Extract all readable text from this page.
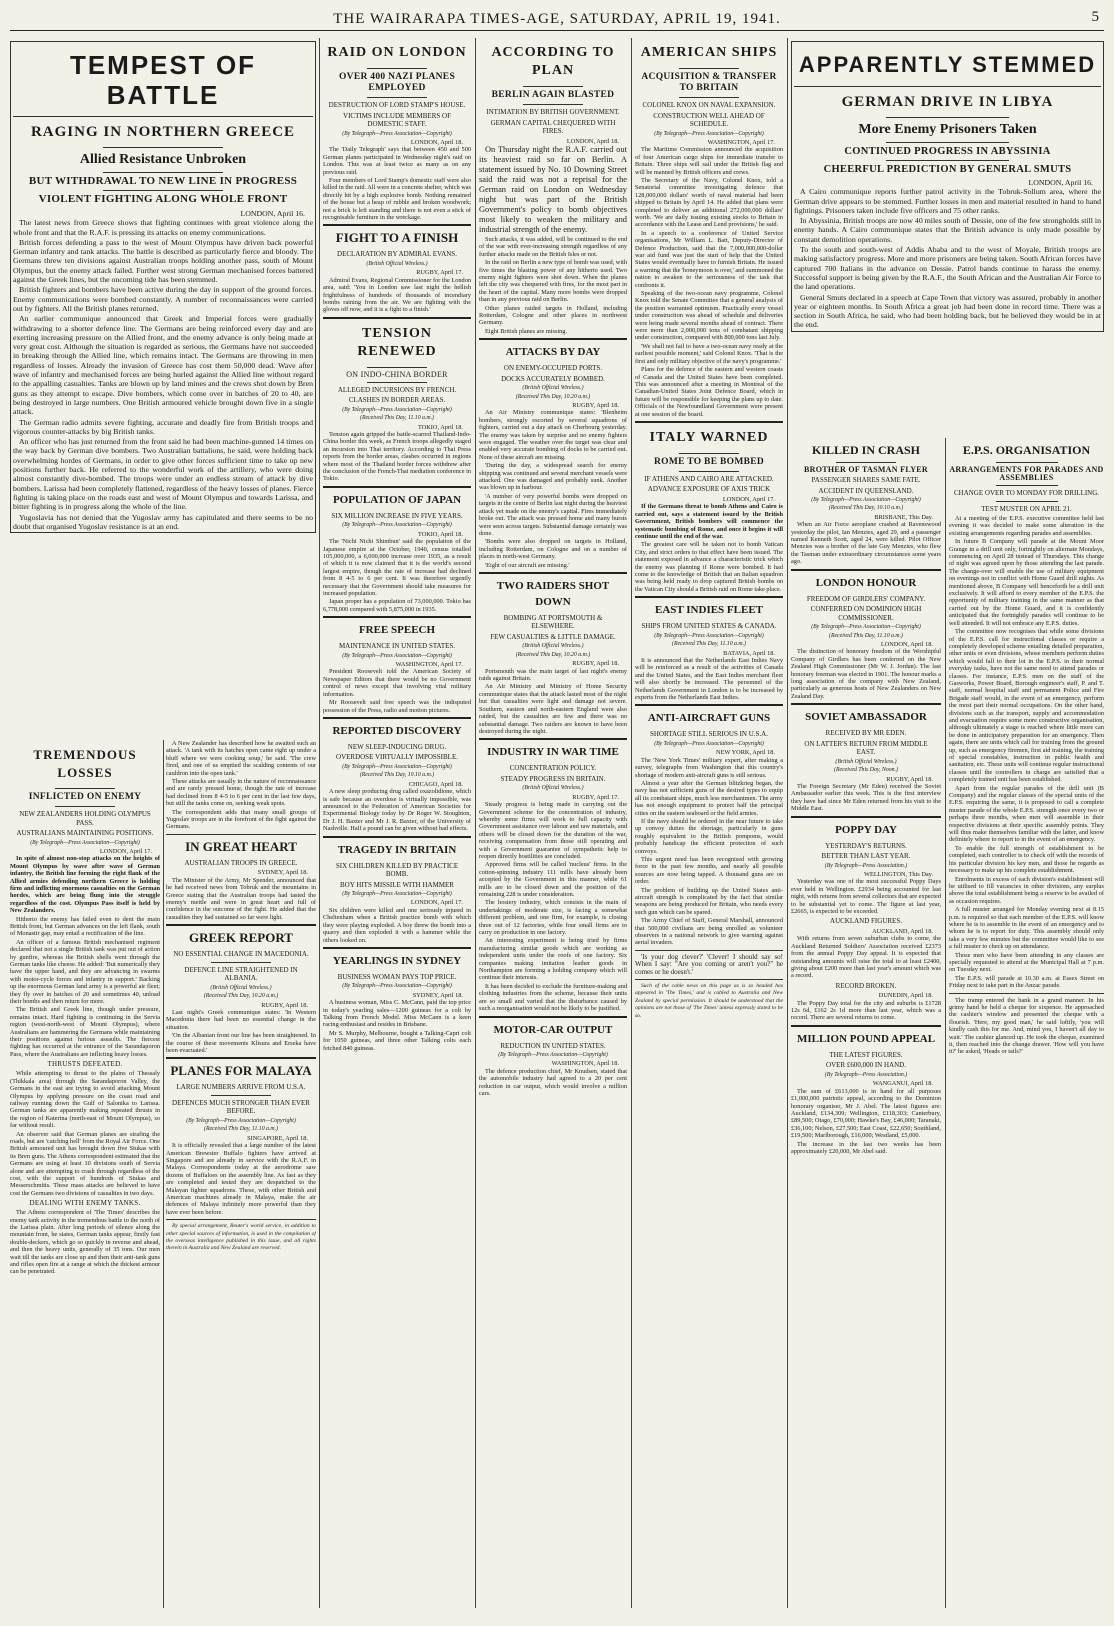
THE WAIRARAPA TIMES-AGE, SATURDAY, APRIL 19, 1941.	5
TEMPEST OF BATTLE
RAGING IN NORTHERN GREECE
Allied Resistance Unbroken
BUT WITHDRAWAL TO NEW LINE IN PROGRESS
VIOLENT FIGHTING ALONG WHOLE FRONT

LONDON, April 16.

The latest news from Greece shows that fighting continues with great violence along the whole front and that the R.A.F. is pressing its attacks on enemy communications.

British forces defending a pass to the west of Mount Olympus have driven back powerful German infantry and tank attacks. The battle is described as particularly fierce and bloody. The Germans threw ten divisions against Australian troops holding another pass, south of Mount Olympus, but the enemy attack failed. Further west strong German mechanised forces battered against the Greek lines, but the oncoming tide has been stemmed.

British fighters and bombers have been active during the day in support of the ground forces. Enemy communications were bombed constantly. A number of reconnaissances were carried out by fighters. All the British planes returned.

An earlier communique announced that Greek and Imperial forces were gradually withdrawing to a shorter defence line. The Germans are being reinforced every day and are exerting increasing pressure on the Allied front, and the enemy advance is only being made at very great cost. Although the situation is regarded as serious, the Germans have not succeeded in breaking through the Allied line, which remains intact. The Germans are throwing in men regardless of losses. Already the invasion of Greece has cost them 50,000 dead. Wave after wave of infantry and mechanised forces are being hurled against the Allied line without regard to the appalling casualties. Tanks are blown up by land mines and the crews shot down by Bren guns as they attempt to escape. Dive bombers, which come over in batches of 20 to 40, are being destroyed in large numbers. One British armoured vehicle brought down five in a single attack.

The German radio admits severe fighting, accurate and deadly fire from British troops and vigorous counter-attacks by big British tanks.

An officer who has just returned from the front said he had been machine-gunned 14 times on the way back by German dive bombers. Two Australian battalions, he said, were holding back overwhelming hordes of Germans, in order to give other forces sufficient time to take up new positions further back. He referred to the wonderful work of the artillery, who were doing almost constantly dive-bombed. The troops were under an endless stream of attack by dive bombers. Larissa had been completely flattened, regardless of the heavy losses of planes. Fierce fighting is taking place on the roads east and west of Mount Olympus and towards Larissa, and bitter fighting is in progress along the whole of the line.

Yugoslavia has not denied that the Yugoslav army has capitulated and there seems to be no doubt that organised Yugoslav resistance is at an end.

TREMENDOUS LOSSES
INFLICTED ON ENEMY
NEW ZEALANDERS HOLDING OLYMPUS PASS.
AUSTRALIANS MAINTAINING POSITIONS.
(By Telegraph—Press Association—Copyright)

LONDON, April 17.

In spite of almost non-stop attacks on the heights of Mount Olympus by wave after wave of German infantry, the British line forming the right flank of the Allied armies defending northern Greece is holding firm and inflicting enormous casualties on the German hordes, which are being flung into the struggle regardless of the cost. Olympus Pass itself is held by New Zealanders.

Hitherto the enemy has failed even to dent the main British front, but German advances on the left flank, south of Monastir gap, may entail a rectification of the line.

An officer of a famous British mechanised regiment declared that not a single British tank was put out of action by gunfire, whereas the British shells went through the German tanks like cheese. He added: 'But numerically they have the upper hand, and they are advancing in swarms with motor-cycle forces and infantry in support.' Backing up the enormous German land army is a powerful air fleet; they fly over in batches of 20 and sometimes 40, unload their bombs and then return for more.

The British and Greek line, though under pressure, remains intact. Hard fighting is continuing in the Servia region (west-north-west of Mount Olympus), where Australians are hammering the Germans while maintaining their positions against furious assaults. The fiercest fighting has occurred at the entrance of the Sarandaporon Pass, where the Australians are inflicting heavy losses.

THRUSTS DEFEATED.

While attempting to thrust to the plains of Thessaly (Thikkala area) through the Sarandaporon Valley, the Germans in the east are trying to avoid attacking Mount Olympus by applying pressure on the coast road and railway running down the Gulf of Salonika to Larissa. German tanks are apparently making repeated thrusts in the region of Katerina (north-east of Mount Olympus), so far without result.

An observer said that German planes are strafing the roads, but are 'catching hell' from the Royal Air Force. One British armoured unit has brought down five Stukas with its Bren guns. The Athens correspondent estimated that the Germans are using at least 10 divisions south of Servia alone and are attempting to crash through regardless of the cost, with the support of hundreds of Stukas and Messerschmitts. These mass attacks are believed to have cost the Germans two divisions of casualties in two days.

DEALING WITH ENEMY TANKS.

The Athens correspondent of 'The Times' describes the enemy tank activity in the tremendous battle to the north of the Larissa plain. After long periods of silence along the mountain front, he states, German tanks appear, firstly fast double-deckers, which go so quickly in reverse and ahead, and then the heavy units, generally of 35 tons. Our men wait till the tanks are close up and then their anti-tank guns and rifles open fire at a range at which the thickest armour can be penetrated.

A New Zealander has described how he awaited such an attack. 'A tank with its hatches open came right up under a bluff where we were cooking soup,' he said. 'The crew fired, and one of us emptied the scalding contents of our cauldron into the open tank.'

These attacks are usually in the nature of reconnaissance and are rarely pressed home, though the rate of increase had declined from 8 4-5 to 6 per cent in the last few days, but still the tanks come on, seeking weak spots.

The correspondent adds that many small groups of Yugoslav troops are in the forefront of the fight against the Germans.

IN GREAT HEART
AUSTRALIAN TROOPS IN GREECE.

SYDNEY, April 18.

The Minister of the Army, Mr Spender, announced that he had received news from Tobruk and the mountains in Greece stating that the Australian troops had tasted the enemy's mettle and were in great heart and full of confidence in the outcome of the fight. He added that the casualties they had sustained so far were light.

GREEK REPORT
NO ESSENTIAL CHANGE IN MACEDONIA.
DEFENCE LINE STRAIGHTENED IN ALBANIA.
(British Official Wireless.)
(Received This Day, 10.20 a.m.)

RUGBY, April 18.

Last night's Greek communique states: 'In Western Macedonia there had been no essential change in the situation.

'On the Albanian front our line has been straightened. In the course of these movements Klisura and Ersekа have been evacuated.'

PLANES FOR MALAYA
LARGE NUMBERS ARRIVE FROM U.S.A.
DEFENCES MUCH STRONGER THAN EVER BEFORE.
(By Telegraph—Press Association—Copyright)
(Received This Day, 11.10 a.m.)

SINGAPORE, April 18.

It is officially revealed that a large number of the latest American Brewster Buffalo fighters have arrived at Singapore and are already in service with the R.A.F. in Malaya. Correspondents today at the aerodrome saw dozens of Buffaloes on the assembly line. As fast as they are completed and tested they are despatched to the Malayan fighter squadrons. These, with other British and American machines already in Malaya, make the air defences of Malaya infinitely more powerful than they have ever been before.

By special arrangement, Reuter's world service, in addition to other special sources of information, is used in the compilation of the overseas intelligence published in this issue, and all rights therein in Australia and New Zealand are reserved.

RAID ON LONDON
OVER 400 NAZI PLANES EMPLOYED
DESTRUCTION OF LORD STAMP'S HOUSE.
VICTIMS INCLUDE MEMBERS OF DOMESTIC STAFF.
(By Telegraph—Press Association—Copyright)

LONDON, April 18.

The 'Daily Telegraph' says that between 450 and 500 German planes participated in Wednesday night's raid on London. This was at least twice as many as on any previous raid.

Four members of Lord Stamp's domestic staff were also killed in the raid. All were in a concrete shelter, which was directly hit by a high explosive bomb. Nothing remained of the house but a heap of rubble and broken woodwork; not a brick is left standing and there is not even a stick of recognisable furniture in the wreckage.

FIGHT TO A FINISH
DECLARATION BY ADMIRAL EVANS.
(British Official Wireless.)

RUGBY, April 17.

Admiral Evans, Regional Commissioner for the London area, said: 'You in London saw last night the hellish frightfulness of hundreds of thousands of incendiary bombs raining from the air. We are fighting with the gloves off now, and it is a fight to a finish.'

TENSION RENEWED
ON INDO-CHINA BORDER
ALLEGED INCURSIONS BY FRENCH.
CLASHES IN BORDER AREAS.
(By Telegraph—Press Association—Copyright)
(Received This Day, 11.10 a.m.)

TOKIO, April 18.

Tension again gripped the battle-scarred Thailand-Indo-China border this week, as French troops allegedly staged an incursion into Thai territory. According to Thai Press reports from the border areas, clashes occurred in regions where most of the Thailand border forces withdrew after the conclusion of the French-Thai mediation conference in Tokio.

POPULATION OF JAPAN
SIX MILLION INCREASE IN FIVE YEARS.
(By Telegraph—Press Association—Copyright)

TOKIO, April 18.

The 'Nichi Nichi Shimbun' said the population of the Japanese empire at the October, 1940, census totalled 105,000,000, a 6,000,000 increase over 1935, as a result of which it is now claimed that it is the world's second largest empire, though the rate of increase had declined from 8 4-5 to 6 per cent. It was therefore urgently necessary that the Government should take measures for increased population.

Japan proper has a population of 73,000,000. Tokio has 6,778,000 compared with 5,875,000 in 1935.

FREE SPEECH
MAINTENANCE IN UNITED STATES.
(By Telegraph—Press Association—Copyright)

WASHINGTON, April 17.

President Roosevelt told the American Society of Newspaper Editors that there would be no Government control of news except that involving vital military information.

Mr Roosevelt said free speech was the indisputed possession of the Press, radio and motion pictures.

REPORTED DISCOVERY
NEW SLEEP-INDUCING DRUG.
OVERDOSE VIRTUALLY IMPOSSIBLE.
(By Telegraph—Press Association—Copyright)
(Received This Day, 10.10 a.m.)

CHICAGO, April 18.

A new sleep producing drug called oxazolidione, which is safe because an overdose is virtually impossible, was announced to the Federation of American Societies for Experimental Biology today by Dr Roger W. Stoughton, Dr J. H. Baxter and Mr J. R. Baxter, of the University of Nashville. Half a pound can be given without bad effects.

TRAGEDY IN BRITAIN
SIX CHILDREN KILLED BY PRACTICE BOMB.
BOY HITS MISSILE WITH HAMMER
(By Telegraph—Press Association—Copyright)

LONDON, April 17.

Six children were killed and one seriously injured in Cheltenham when a British practice bomb with which they were playing exploded. A boy threw the bomb into a quarry and then exploded it with a hammer while the others looked on.

YEARLINGS IN SYDNEY
BUSINESS WOMAN PAYS TOP PRICE.
(By Telegraph—Press Association—Copyright)

SYDNEY, April 18.

A business woman, Miss C. McCann, paid the top price in today's yearling sales—1200 guineas for a colt by Talking from French Model. Miss McCann is a keen racing enthusiast and resides in Brisbane.

Mr S. Murphy, Melbourne, bought a Talking-Capri colt for 1050 guineas, and three other Talking colts each fetched 840 guineas.

ACCORDING TO PLAN
BERLIN AGAIN BLASTED
INTIMATION BY BRITISH GOVERNMENT.
GERMAN CAPITAL CHEQUERED WITH FIRES.

LONDON, April 18.

On Thursday night the R.A.F. carried out its heaviest raid so far on Berlin. A statement issued by No. 10 Downing Street said the raid was not a reprisal for the German raid on London on Wednesday night but was part of the British Government's policy to bomb objectives most likely to weaken the military and industrial strength of the enemy.

Such attacks, it was added, will be continued to the end of the war with ever-increasing strength regardless of any further attacks made on the British Isles or not.

In the raid on Berlin a new type of bomb was used, with five times the blasting power of any hitherto used. Two enemy night fighters were shot down. When the planes left the city was chequered with fires, for the most part in the heart of the capital. Many more bombs were dropped than in any previous raid on Berlin.

Other planes raided targets in Holland, including Rotterdam, Cologne and other places in northwest Germany.

Eight British planes are missing.

ATTACKS BY DAY
ON ENEMY-OCCUPIED PORTS.
DOCKS ACCURATELY BOMBED.
(British Official Wireless.)
(Received This Day, 10.20 a.m.)

RUGBY, April 18.

An Air Ministry communique states: 'Blenheim bombers, strongly escorted by several squadrons of fighters, carried out a day attack on Cherbourg yesterday. The enemy was taken by surprise and no enemy fighters were engaged. The weather over the target was clear and enabled very accurate bombing of docks to be carried out. None of these aircraft are missing.

'During the day, a widespread search for enemy shipping was continued and several merchant vessels were attacked. One was damaged and probably sunk. Another was blown up in harbour.

'A number of very powerful bombs were dropped on targets in the centre of Berlin last night during the heaviest attack yet made on the enemy's capital. Fires immediately broke out. The attack was pressed home and many bursts were seen across targets. Substantial damage certainly was done.

'Bombs were also dropped on targets in Holland, including Rotterdam, on Cologne and on a number of places in north-west Germany.

'Eight of our aircraft are missing.'

TWO RAIDERS SHOT DOWN
BOMBING AT PORTSMOUTH & ELSEWHERE.
FEW CASUALTIES & LITTLE DAMAGE.
(British Official Wireless.)
(Received This Day, 10.20 a.m.)

RUGBY, April 18.

Portsmouth was the main target of last night's enemy raids against Britain.

An Air Ministry and Ministry of Home Security communique states that the attack lasted most of the night but that casualties were light and damage not severe. Southern, eastern and north-eastern England were also raided, but the casualties are few and there was no substantial damage. Two raiders are known to have been destroyed during the night.

INDUSTRY IN WAR TIME
CONCENTRATION POLICY.
STEADY PROGRESS IN BRITAIN.
(British Official Wireless.)

RUGBY, April 17.

Steady progress is being made in carrying out the Government scheme for the concentration of industry, whereby some firms will work to full capacity with Government assistance over labour and raw materials, and others will be closed down for the duration of the war, receiving compensation from those still operating and with a Government guarantee of sympathetic help to reopen directly hostilities are concluded.

Approved firms will be called 'nucleus' firms. In the cotton-spinning industry 111 mills have already been accepted by the Government in this manner, while 61 mills are to be closed down and the position of the remaining 228 is under consideration.

The hosiery industry, which consists in the main of undertakings of moderate size, is facing a somewhat different problem, and one firm, for example, is closing three out of 12 factories, while four small firms are to carry on production in one factory.

An interesting experiment is being tried by firms manufacturing similar goods which are working as independent units under the roofs of one factory. Six companies making imitation leather goods in Northampton are forming a holding company which will continue their interests.

It has been decided to exclude the furniture-making and clothing industries from the scheme, because their units are so small and varied that the disturbance caused by such a reorganisation would not be likely to be justified.

MOTOR-CAR OUTPUT
REDUCTION IN UNITED STATES.
(By Telegraph—Press Association—Copyright)

WASHINGTON, April 18.

The defence production chief, Mr Knudsen, stated that the automobile industry had agreed to a 20 per cent reduction in car output, which would involve a million cars.

AMERICAN SHIPS
ACQUISITION & TRANSFER TO BRITAIN
COLONEL KNOX ON NAVAL EXPANSION.
CONSTRUCTION WELL AHEAD OF SCHEDULE.
(By Telegraph—Press Association—Copyright)

WASHINGTON, April 17.

The Maritime Commission announced the acquisition of four American cargo ships for immediate transfer to Britain. Three ships will sail under the British flag and will be manned by British officers and crews.

The Secretary of the Navy, Colonel Knox, told a Senatorial committee investigating defence that 128,000,000 dollars' worth of naval material had been shipped to Britain by April 14. He added that plans were completed to deliver an additional 272,000,000 dollars' worth. 'We are daily issuing existing stocks to Britain in accordance with the Lease and Lend provisions,' he said.

In a speech to a conference of United Service organisations, Mr William L. Batt, Deputy-Director of Defence Production, said that the 7,000,000,000-dollar war aid fund was just the start of help that the United States would eventually have to furnish Britain. He issued a warning that the 'honeymoon is over,' and summoned the nation to awaken to the seriousness of the task that confronts it.

Speaking of the two-ocean navy programme, Colonel Knox told the Senate Committee that a general analysis of the position warranted optimism. Practically every vessel under construction was ahead of schedule and deliveries were being made several months ahead of contract. There were more than 2,000,000 tons of combatant shipping under construction, compared with 800,000 tons last July.

'We shall not fail to have a two-ocean navy ready at the earliest possible moment,' said Colonel Knox. 'That is the first and only military objective of the navy's programme.'

Plans for the defence of the eastern and western coasts of Canada and the United States have been completed. This was announced after a meeting in Montreal of the Canadian-United States Joint Defence Board, which in future will be responsible for keeping the plans up to date. Officials of the Newfoundland Government were present at one session of the board.

ITALY WARNED
ROME TO BE BOMBED
IF ATHENS AND CAIRO ARE ATTACKED.
ADVANCE EXPOSURE OF AXIS TRICK

LONDON, April 17.

If the Germans threat to bomb Athens and Cairo is carried out, says a statement issued by the British Government, British bombers will commence the systematic bombing of Rome, and once it begins it will continue until the end of the war.

The greatest care will be taken not to bomb Vatican City, and strict orders to that effect have been issued. The statement exposed in advance a characteristic trick which the enemy was planning if Rome were bombed. It had come to the knowledge of British that an Italian squadron was being held ready to drop captured British bombs on the Vatican City should a British raid on Rome take place.

EAST INDIES FLEET
SHIPS FROM UNITED STATES & CANADA.
(By Telegraph—Press Association—Copyright)
(Received This Day, 11.10 a.m.)

BATAVIA, April 18.

It is announced that the Netherlands East Indies Navy will be reinforced as a result of the activities of Canada and the United States, and the East Indies merchant fleet will also shortly be increased. The personnel of the Netherlands Government in London is to be increased by experts from the Netherlands East Indies.

ANTI-AIRCRAFT GUNS
SHORTAGE STILL SERIOUS IN U.S.A.
(By Telegraph—Press Association—Copyright)

NEW YORK, April 18.

The 'New York Times' military expert, after making a survey, telegraphs from Washington that this country's shortage of modern anti-aircraft guns is still serious.

Almost a year after the German blitzkrieg began, the navy has not sufficient guns of the desired types to equip all its combatant ships, much less merchantmen. The army has not enough equipment to protect half the principal cities on the eastern seaboard or the field armies.

If the navy should be ordered in the near future to take up convoy duties the shortage, particularly in guns roughly equivalent to the British pompoms, would probably handicap the efficient protection of such convoys.

This urgent need has been recognised with growing force in the past few months, and nearly all possible sources are now being tapped. A thousand guns are on order.

The problem of building up the United States anti-aircraft strength is complicated by the fact that similar weapons are being produced for Britain, who needs every such gun which can be spared.

The Army Chief of Staff, General Marshall, announced that 500,000 civilians are being enrolled as volunteer observers in a national network to give warning against aerial invaders.

'Is your dog clever?' 'Clever! I should say so! When I say: "Are you coming or aren't you?" he comes or he doesn't.'

Such of the cable news on this page as is so headed has appeared in 'The Times,' and is cabled to Australia and New Zealand by special permission. It should be understood that the opinions are not those of 'The Times' unless expressly stated to be so.

APPARENTLY STEMMED
GERMAN DRIVE IN LIBYA
More Enemy Prisoners Taken
CONTINUED PROGRESS IN ABYSSINIA
CHEERFUL PREDICTION BY GENERAL SMUTS

LONDON, April 16.

A Cairo communique reports further patrol activity in the Tobruk-Sollum area, where the German drive appears to be stemmed. Further losses in men and material resulted in hand to hand fightings. Prisoners taken include five officers and 75 other ranks.

In Abyssinia, British troops are now 40 miles south of Dessie, one of the few strongholds still in enemy hands. A Cairo communique states that the British advance is only made possible by constant demolition operations.

To the south and south-west of Addis Ababa and to the west of Moyale, British troops are making satisfactory progress. More and more prisoners are being taken. South African forces have captured 700 Italians in the advance on Dessie. Patrol bands continue to harass the enemy. Successful support is being given by the R.A.F., the South African and the Australian Air Force to the land operations.

General Smuts declared in a speech at Cape Town that victory was assured, probably in another year or eighteen months. In South Africa a great job had been done in record time. There was a section in South Africa, he said, who had been holding back, but he believed they would be in at the end.

KILLED IN CRASH
BROTHER OF TASMAN FLYER
PASSENGER SHARES SAME FATE.
ACCIDENT IN QUEENSLAND.
(By Telegraph—Press Association—Copyright)
(Received This Day, 10.10 a.m.)

BRISBANE, This Day.

When an Air Force aeroplane crashed at Ravenswood yesterday the pilot, Ian Menzies, aged 29, and a passenger named Kenneth Scott, aged 24, were killed. Pilot Officer Menzies was a brother of the late Guy Menzies, who flew the Tasman under extraordinary circumstances some years ago.

LONDON HONOUR
FREEDOM OF GIRDLERS' COMPANY.
CONFERRED ON DOMINION HIGH COMMISSIONER.
(By Telegraph—Press Association—Copyright)
(Received This Day, 11.10 a.m.)

LONDON, April 18.

The distinction of honorary freedom of the Worshipful Company of Girdlers has been conferred on the New Zealand High Commissioner (Mr W. J. Jordan). The last honorary freeman was elected in 1901. The honour marks a long association of the company with New Zealand, particularly as generous hosts of New Zealanders on New Zealand Day.

SOVIET AMBASSADOR
RECEIVED BY MR EDEN.
ON LATTER'S RETURN FROM MIDDLE EAST.
(British Official Wireless.)
(Received This Day, Noon.)

RUGBY, April 18.

The Foreign Secretary (Mr Eden) received the Soviet Ambassador earlier this week. This is the first interview they have had since Mr Eden returned from his visit to the Middle East.

POPPY DAY
YESTERDAY'S RETURNS.
BETTER THAN LAST YEAR.
(By Telegraph—Press Association.)

WELLINGTON, This Day.

Yesterday was one of the most successful Poppy Days ever held in Wellington. £2934 being accounted for last night, with returns from several collectors that are expected to be substantial yet to come. The figure at last year, £2665, is expected to be exceeded.

AUCKLAND FIGURES.

AUCKLAND, April 18.

With returns from seven suburban clubs to come, the Auckland Returned Soldiers' Association received £2373 from the annual Poppy Day appeal. It is expected that outstanding amounts will raise the total to at least £2400, giving about £200 more than last year's amount which was a record.

RECORD BROKEN.

DUNEDIN, April 18.

The Poppy Day total for the city and suburbs is £1728 12s 6d, £162 2s 1d more than last year, which was a record. There are several returns to come.

MILLION POUND APPEAL
THE LATEST FIGURES.
OVER £600,000 IN HAND.
(By Telegraph—Press Association.)

WANGANUI, April 18.

The sum of £613,000 is in hand for all purposes £1,000,000 patriotic appeal, according to the Dominion honorary organiser, Mr J. Abel. The latest figures are: Auckland, £134,309; Wellington, £118,303; Canterbury, £89,500; Otago, £70,000; Hawke's Bay, £46,000; Taranaki, £36,100; Nelson, £27,500; East Coast, £22,650; Southland, £19,500; Marlborough, £16,000; Westland, £5,000.

The increase in the last two weeks has been approximately £20,000, Mr Abel said.

E.P.S. ORGANISATION
ARRANGEMENTS FOR PARADES AND ASSEMBLIES
CHANGE OVER TO MONDAY FOR DRILLING.
TEST MUSTER ON APRIL 21.

At a meeting of the E.P.S. executive committee held last evening it was decided to make some alteration in the existing arrangements regarding parades and assemblies.

In future B Company will parade at the Mount Moor Grange in a drill unit only, fortnightly on alternate Mondays, commencing on April 28 instead of Thursdays. This change of night was agreed upon by those attending the last parade. The change-over will enable the use of military equipment on evenings not in conflict with Home Guard drill nights. As mentioned above, B Company will henceforth be a drill unit exclusively. It will afford to every member of the E.P.S. the opportunity of military training in the same manner as that carried out by the Home Guard, and it is confidently anticipated that the fortnightly parades will continue to be well attended. It will not embrace any E.P.S. duties.

The committee now recognises that while some divisions of the E.P.S. call for instructional classes or require a completely developed scheme entailing detailed preparation, other units or even divisions, whose members perform duties which would fall to their lot in the E.P.S. in their normal everyday tasks, have not the same need to attend parades or classes. For instance, E.P.S. men on the staff of the Gasworks, Power Board, Borough engineer's staff, P. and T. staff, normal hospital staff and permanent Police and Fire Brigade staff would, in the event of an emergency, perform the most part their normal occupations. On the other hand, divisions such as the transport, supply and accommodation and evacuation require some more constructive organisation, although ultimately a stage is reached where little more can be done in anticipatory preparation for an emergency. Then again, there are units which call for training from the ground up, such as emergency firemen, first aid training, the training of special constables, instruction in public health and sanitation, etc. These units will continue regular instructional classes until the controllers in charge are satisfied that a completely trained unit has been established.

Apart from the regular parades of the drill unit (B Company) and the regular classes of the special units of the E.P.S. requiring the same, it is proposed to call a complete muster parade of the whole E.P.S. strength once every two or perhaps three months, when men will assemble in their respective divisions at their specific assembly points. They will thus make themselves familiar with the latter, and know definitely where to report to in the event of an emergency.

To enable the full strength of establishment to be completed, each controller is to check off with the records of his particular division his key men, and those he regards as necessary to make up his complete establishment.

Enrolments in excess of each division's establishment will be utilised to fill vacancies in other divisions, any surplus above the total establishment being a reserve to be availed of as occasion requires.

A full muster arranged for Monday evening next at 8.15 p.m. is required so that each member of the E.P.S. will know where he is to assemble in the event of an emergency and to whom he is to report for duty. This assembly should only take a very few minutes but the committee would like to see a full muster to check up on attendance.

Those men who have been attending in any classes are specially requested to attend at the Municipal Hall at 7 p.m. on Tuesday next.

The E.P.S. will parade at 10.30 a.m. at Essex Street on Friday next to take part in the Anzac parade.

The tramp entered the bank in a grand manner. In his grimy hand he held a cheque for sixpence. He approached the cashier's window and presented the cheque with a flourish. 'Here, my good man,' he said loftily, 'you will kindly cash this for me. And, mind you, I haven't all day to wait.' The cashier glanced up. He took the cheque, examined it, then reached into the change drawer. 'How will you have it?' he asked, 'Heads or tails?'
